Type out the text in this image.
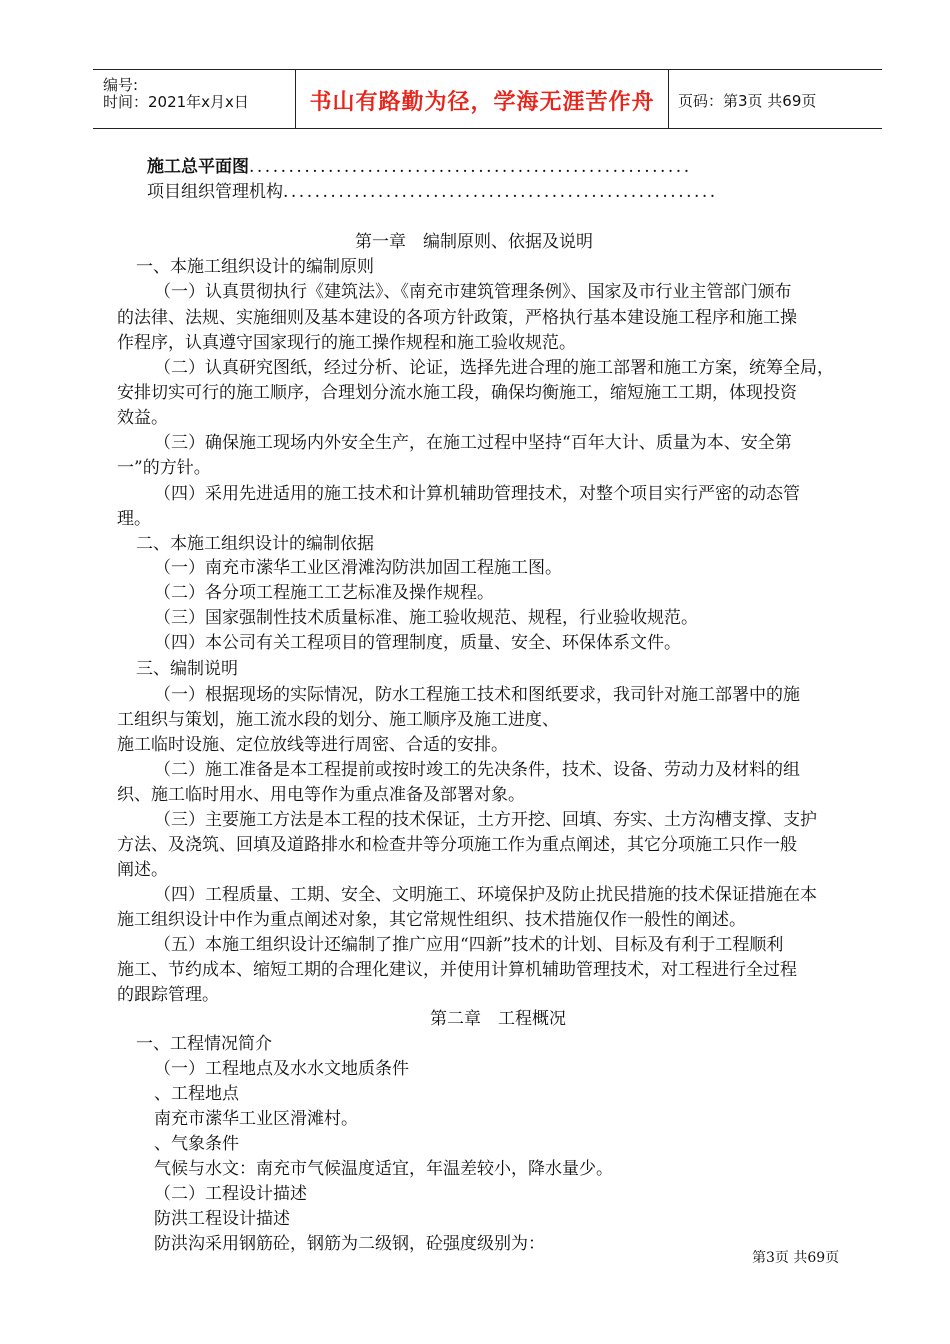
编号:
时间：2021年x月x日	书山有路勤为径，学海无涯苦作舟	页码：第3页 共69页
施工总平面图........................................................
项目组织管理机构.......................................................
第一章　编制原则、依据及说明
一、本施工组织设计的编制原则
（一）认真贯彻执行《建筑法》、《南充市建筑管理条例》、国家及市行业主管部门颁布
的法律、法规、实施细则及基本建设的各项方针政策，严格执行基本建设施工程序和施工操
作程序，认真遵守国家现行的施工操作规程和施工验收规范。
（二）认真研究图纸，经过分析、论证，选择先进合理的施工部署和施工方案，统筹全局，
安排切实可行的施工顺序，合理划分流水施工段，确保均衡施工，缩短施工工期，体现投资
效益。
（三）确保施工现场内外安全生产，在施工过程中坚持“百年大计、质量为本、安全第
一”的方针。
（四）采用先进适用的施工技术和计算机辅助管理技术，对整个项目实行严密的动态管
理。
二、本施工组织设计的编制依据
（一）南充市潆华工业区滑滩沟防洪加固工程施工图。
（二）各分项工程施工工艺标准及操作规程。
（三）国家强制性技术质量标准、施工验收规范、规程，行业验收规范。
（四）本公司有关工程项目的管理制度，质量、安全、环保体系文件。
三、编制说明
（一）根据现场的实际情况，防水工程施工技术和图纸要求，我司针对施工部署中的施
工组织与策划，施工流水段的划分、施工顺序及施工进度、
施工临时设施、定位放线等进行周密、合适的安排。
（二）施工准备是本工程提前或按时竣工的先决条件，技术、设备、劳动力及材料的组
织、施工临时用水、用电等作为重点准备及部署对象。
（三）主要施工方法是本工程的技术保证，土方开挖、回填、夯实、土方沟槽支撑、支护
方法、及浇筑、回填及道路排水和检查井等分项施工作为重点阐述，其它分项施工只作一般
阐述。
（四）工程质量、工期、安全、文明施工、环境保护及防止扰民措施的技术保证措施在本
施工组织设计中作为重点阐述对象，其它常规性组织、技术措施仅作一般性的阐述。
（五）本施工组织设计还编制了推广应用“四新”技术的计划、目标及有利于工程顺利
施工、节约成本、缩短工期的合理化建议，并使用计算机辅助管理技术，对工程进行全过程
的跟踪管理。
第二章　工程概况
一、工程情况简介
（一）工程地点及水水文地质条件
、工程地点
南充市潆华工业区滑滩村。
、气象条件
气候与水文：南充市气候温度适宜，年温差较小，降水量少。
（二）工程设计描述
防洪工程设计描述
防洪沟采用钢筋砼，钢筋为二级钢，砼强度级别为：
第3页 共69页
